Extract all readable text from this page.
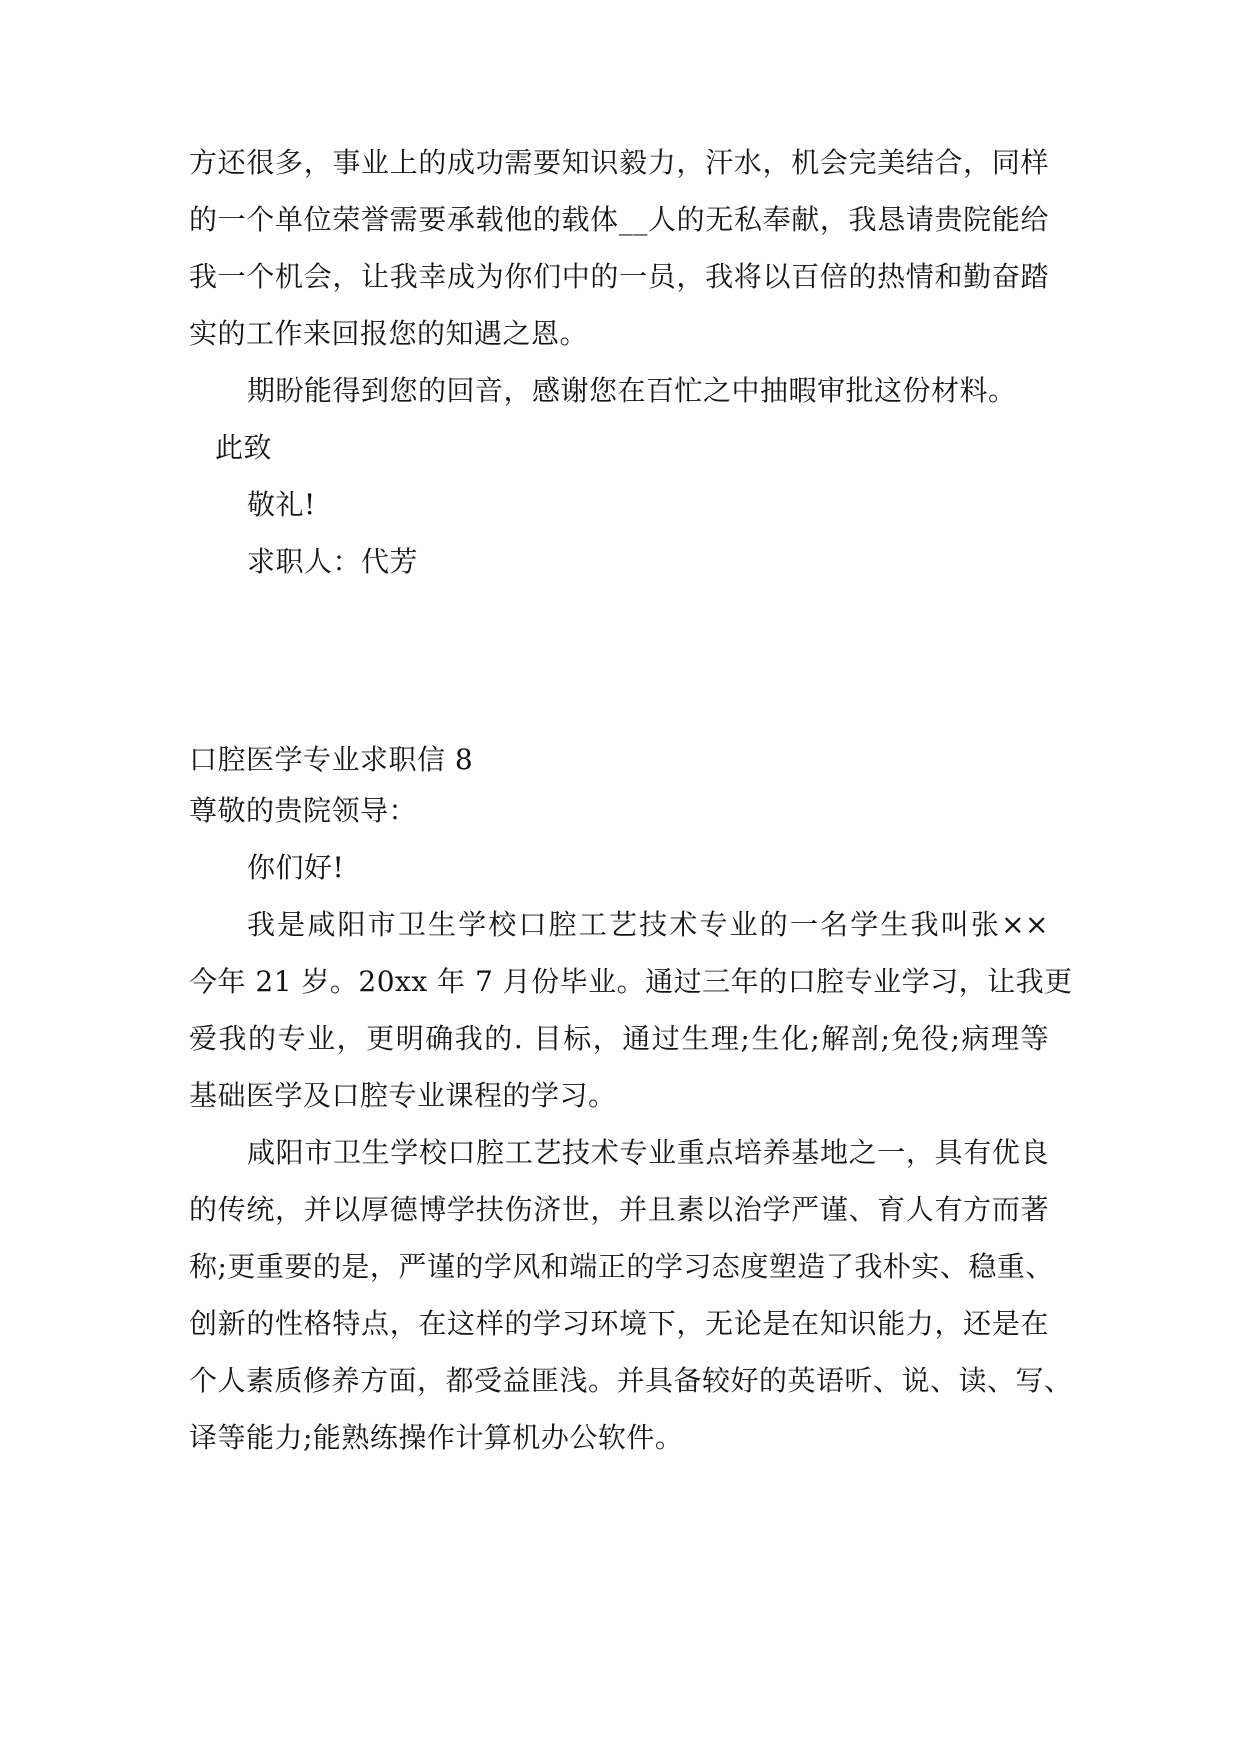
方还很多，事业上的成功需要知识毅力，汗水，机会完美结合，同样
的一个单位荣誉需要承载他的载体__人的无私奉献，我恳请贵院能给
我一个机会，让我幸成为你们中的一员，我将以百倍的热情和勤奋踏
实的工作来回报您的知遇之恩。
期盼能得到您的回音，感谢您在百忙之中抽暇审批这份材料。
此致
敬礼!
求职人：代芳
口腔医学专业求职信 8
尊敬的贵院领导：
你们好!
我是咸阳市卫生学校口腔工艺技术专业的一名学生我叫张××
今年 21 岁。20xx 年 7 月份毕业。通过三年的口腔专业学习，让我更
爱我的专业，更明确我的. 目标，通过生理;生化;解剖;免役;病理等
基础医学及口腔专业课程的学习。
咸阳市卫生学校口腔工艺技术专业重点培养基地之一，具有优良
的传统，并以厚德博学扶伤济世，并且素以治学严谨、育人有方而著
称;更重要的是，严谨的学风和端正的学习态度塑造了我朴实、稳重、
创新的性格特点，在这样的学习环境下，无论是在知识能力，还是在
个人素质修养方面，都受益匪浅。并具备较好的英语听、说、读、写、
译等能力;能熟练操作计算机办公软件。
